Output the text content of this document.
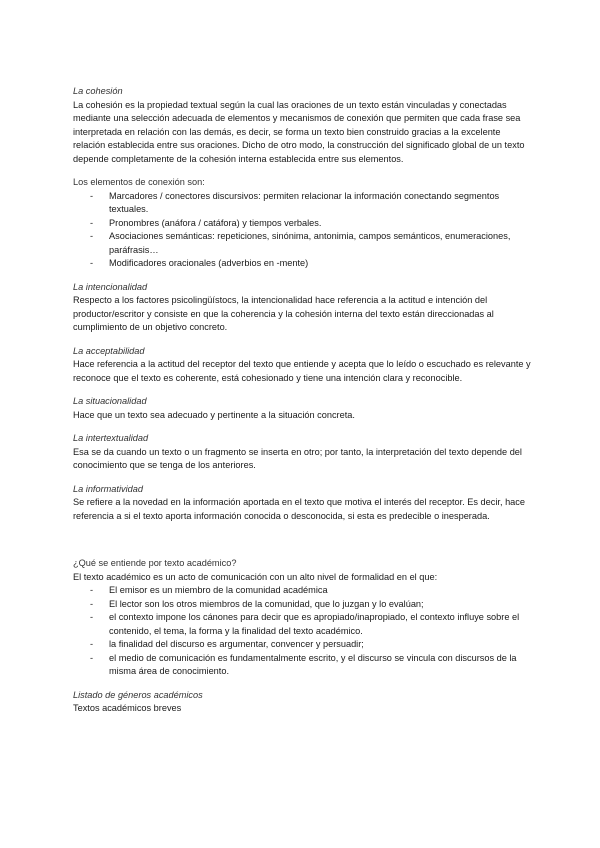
La cohesión

La cohesión es la propiedad textual según la cual las oraciones de un texto están vinculadas y conectadas mediante una selección adecuada de elementos y mecanismos de conexión que permiten que cada frase sea interpretada en relación con las demás, es decir, se forma un texto bien construido gracias a la excelente relación establecida entre sus oraciones. Dicho de otro modo, la construcción del significado global de un texto depende completamente de la cohesión interna establecida entre sus elementos.

Los elementos de conexión son:

- Marcadores / conectores discursivos: permiten relacionar la información conectando segmentos textuales.
- Pronombres (anáfora / catáfora) y tiempos verbales.
- Asociaciones semánticas: repeticiones, sinónima, antonimia, campos semánticos, enumeraciones, paráfrasis…
- Modificadores oracionales (adverbios en -mente)

La intencionalidad

Respecto a los factores psicolingüístocs, la intencionalidad hace referencia a la actitud e intención del productor/escritor y consiste en que la coherencia y la cohesión interna del texto están direccionadas al cumplimiento de un objetivo concreto.

La acceptabilidad

Hace referencia a la actitud del receptor del texto que entiende y acepta que lo leído o escuchado es relevante y reconoce que el texto es coherente, está cohesionado y tiene una intención clara y reconocible.

La situacionalidad

Hace que un texto sea adecuado y pertinente a la situación concreta.

La intertextualidad

Esa se da cuando un texto o un fragmento se inserta en otro; por tanto, la interpretación del texto depende del conocimiento que se tenga de los anteriores.

La informatividad

Se refiere a la novedad en la información aportada en el texto que motiva el interés del receptor. Es decir, hace referencia a si el texto aporta información conocida o desconocida, si esta es predecible o inesperada.

¿Qué se entiende por texto académico?

El texto académico es un acto de comunicación con un alto nivel de formalidad en el que:

- El emisor es un miembro de la comunidad académica
- El lector son los otros miembros de la comunidad, que lo juzgan y lo evalúan;
- el contexto impone los cánones para decir que es apropiado/inapropiado, el contexto influye sobre el contenido, el tema, la forma y la finalidad del texto académico.
- la finalidad del discurso es argumentar, convencer y persuadir;
- el medio de comunicación es fundamentalmente escrito, y el discurso se vincula con discursos de la misma área de conocimiento.

Listado de géneros académicos

Textos académicos breves
